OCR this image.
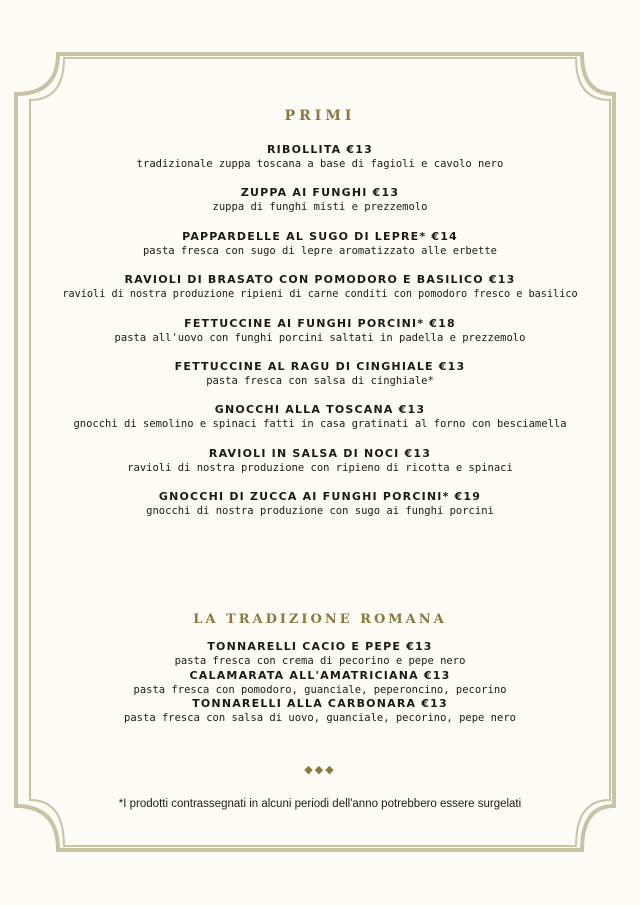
PRIMI
RIBOLLITA €13
tradizionale zuppa toscana a base di fagioli e cavolo nero
ZUPPA AI FUNGHI €13
zuppa di funghi misti e prezzemolo
PAPPARDELLE AL SUGO DI LEPRE* €14
pasta fresca con sugo di lepre aromatizzato alle erbette
RAVIOLI DI BRASATO CON POMODORO E BASILICO €13
ravioli di nostra produzione ripieni di carne conditi con pomodoro fresco e basilico
FETTUCCINE AI FUNGHI PORCINI* €18
pasta all'uovo con funghi porcini saltati in padella e prezzemolo
FETTUCCINE AL RAGU DI CINGHIALE €13
pasta fresca con salsa di cinghiale*
GNOCCHI ALLA TOSCANA €13
gnocchi di semolino e spinaci fatti in casa gratinati al forno con besciamella
RAVIOLI IN SALSA DI NOCI €13
ravioli di nostra produzione con ripieno di ricotta e spinaci
GNOCCHI DI ZUCCA AI FUNGHI PORCINI* €19
gnocchi di nostra produzione con sugo ai funghi porcini
LA TRADIZIONE ROMANA
TONNARELLI CACIO E PEPE €13
pasta fresca con crema di pecorino e pepe nero
CALAMARATA ALL'AMATRICIANA €13
pasta fresca con pomodoro, guanciale, peperoncino, pecorino
TONNARELLI ALLA CARBONARA €13
pasta fresca con salsa di uovo, guanciale, pecorino, pepe nero
◆◆◆
*I prodotti contrassegnati in alcuni periodi dell'anno potrebbero essere surgelati
